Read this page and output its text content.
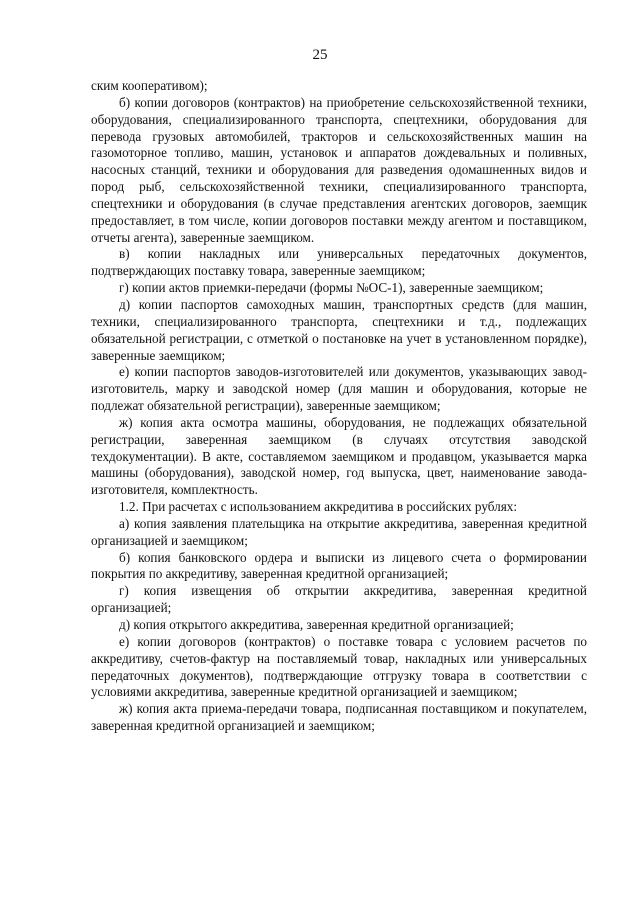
25

ским кооперативом);

б) копии договоров (контрактов) на приобретение сельскохозяйственной техники, оборудования, специализированного транспорта, спецтехники, оборудования для перевода грузовых автомобилей, тракторов и сельскохозяйственных машин на газомоторное топливо, машин, установок и аппаратов дождевальных и поливных, насосных станций, техники и оборудования для разведения одомашненных видов и пород рыб, сельскохозяйственной техники, специализированного транспорта, спецтехники и оборудования (в случае представления агентских договоров, заемщик предоставляет, в том числе, копии договоров поставки между агентом и поставщиком, отчеты агента), заверенные заемщиком.

в) копии накладных или универсальных передаточных документов, подтверждающих поставку товара, заверенные заемщиком;

г) копии актов приемки-передачи (формы №ОС-1), заверенные заемщиком;

д) копии паспортов самоходных машин, транспортных средств (для машин, техники, специализированного транспорта, спецтехники и т.д., подлежащих обязательной регистрации, с отметкой о постановке на учет в установленном порядке), заверенные заемщиком;

е) копии паспортов заводов-изготовителей или документов, указывающих завод-изготовитель, марку и заводской номер (для машин и оборудования, которые не подлежат обязательной регистрации), заверенные заемщиком;

ж) копия акта осмотра машины, оборудования, не подлежащих обязательной регистрации, заверенная заемщиком (в случаях отсутствия заводской техдокументации). В акте, составляемом заемщиком и продавцом, указывается марка машины (оборудования), заводской номер, год выпуска, цвет, наименование завода-изготовителя, комплектность.

1.2. При расчетах с использованием аккредитива в российских рублях:

а) копия заявления плательщика на открытие аккредитива, заверенная кредитной организацией и заемщиком;

б) копия банковского ордера и выписки из лицевого счета о формировании покрытия по аккредитиву, заверенная кредитной организацией;

г) копия извещения об открытии аккредитива, заверенная кредитной организацией;

д) копия открытого аккредитива, заверенная кредитной организацией;

е) копии договоров (контрактов) о поставке товара с условием расчетов по аккредитиву, счетов-фактур на поставляемый товар, накладных или универсальных передаточных документов), подтверждающие отгрузку товара в соответствии с условиями аккредитива, заверенные кредитной организацией и заемщиком;

ж) копия акта приема-передачи товара, подписанная поставщиком и покупателем, заверенная кредитной организацией и заемщиком;
